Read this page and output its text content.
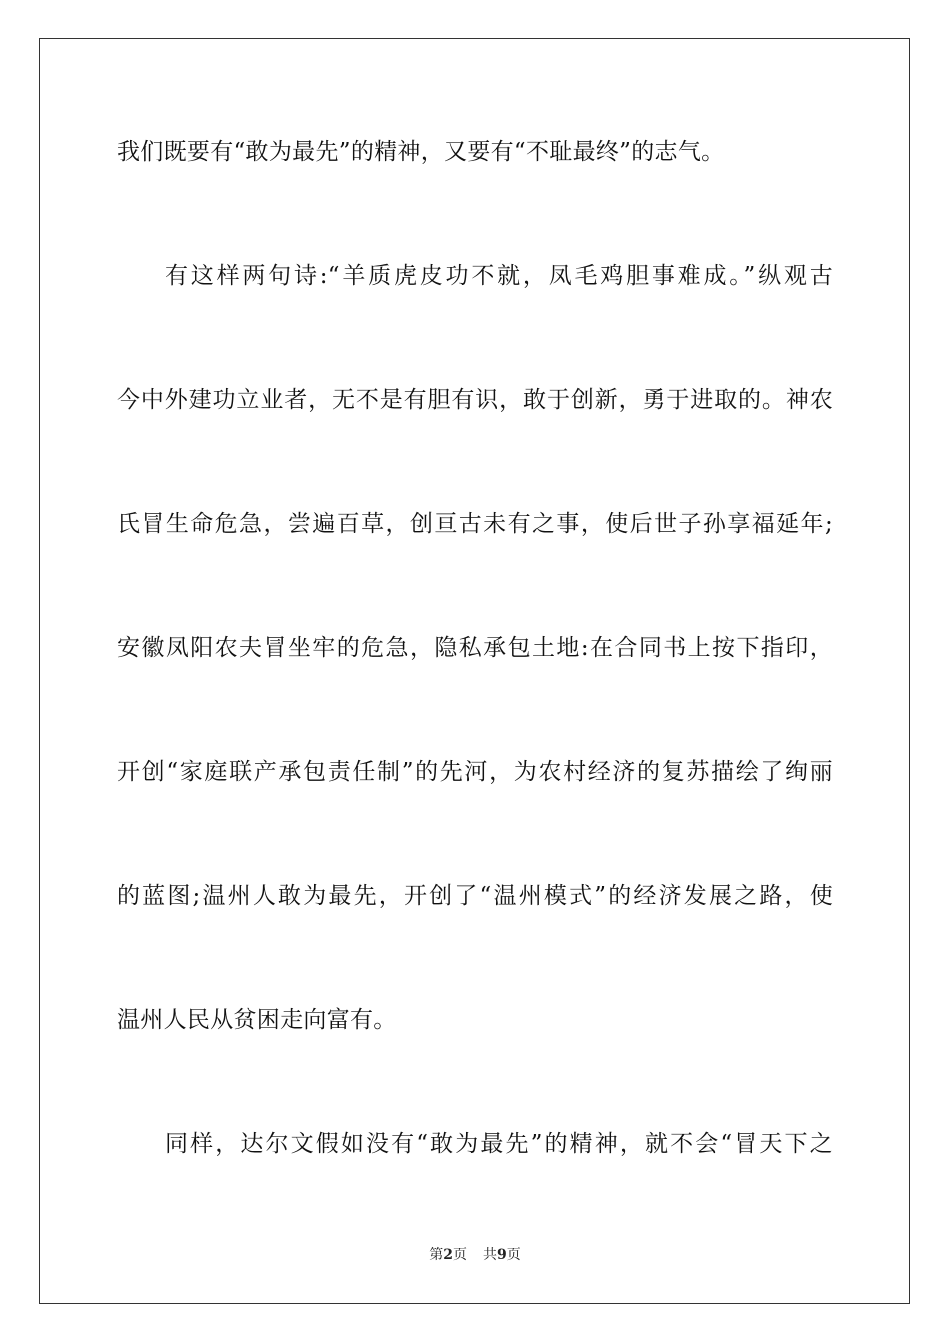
我们既要有“敢为最先”的精神，又要有“不耻最终”的志气。
有这样两句诗:“羊质虎皮功不就，凤毛鸡胆事难成。”纵观古
今中外建功立业者，无不是有胆有识，敢于创新，勇于进取的。神农
氏冒生命危急，尝遍百草，创亘古未有之事，使后世子孙享福延年;
安徽凤阳农夫冒坐牢的危急，隐私承包土地:在合同书上按下指印，
开创“家庭联产承包责任制”的先河，为农村经济的复苏描绘了绚丽
的蓝图;温州人敢为最先，开创了“温州模式”的经济发展之路，使
温州人民从贫困走向富有。
同样，达尔文假如没有“敢为最先”的精神，就不会“冒天下之
第2页 共9页
